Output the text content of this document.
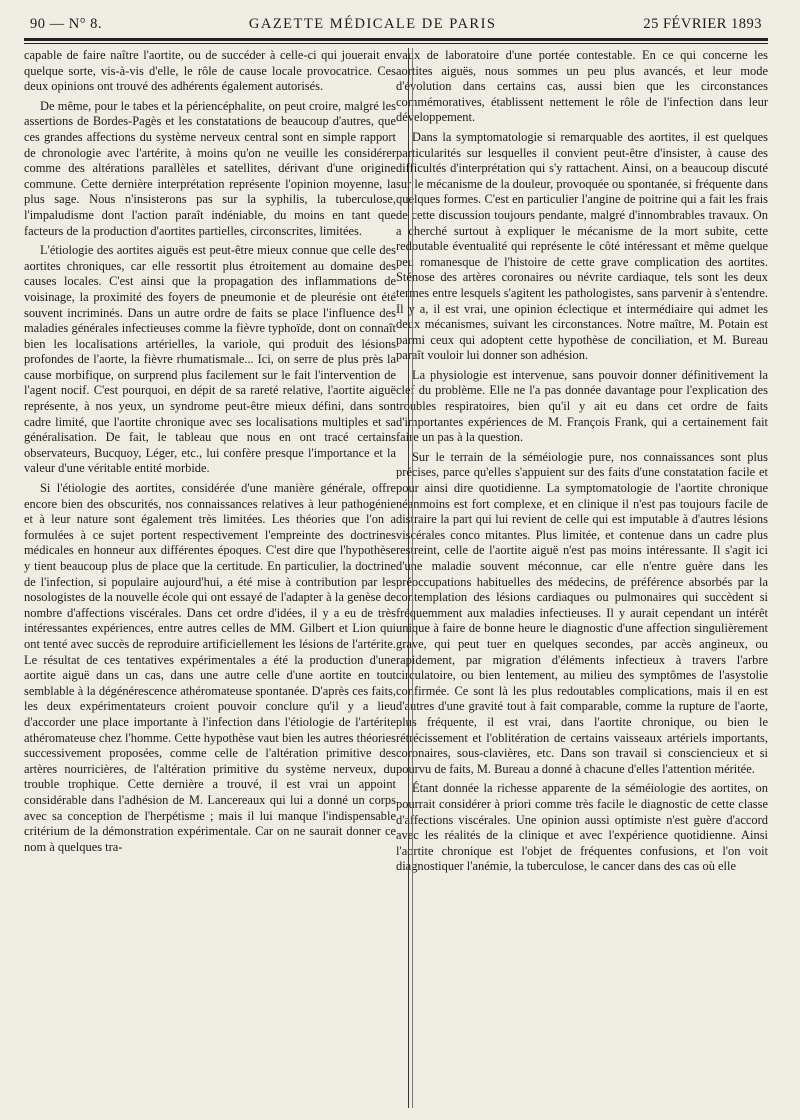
90 — N° 8.	GAZETTE MÉDICALE DE PARIS	25 FÉVRIER 1893

capable de faire naître l'aortite, ou de succéder à celle-ci qui jouerait en quelque sorte, vis-à-vis d'elle, le rôle de cause locale provocatrice. Ces deux opinions ont trouvé des adhérents également autorisés.

De même, pour le tabes et la périencéphalite, on peut croire, malgré les assertions de Bordes-Pagès et les constatations de beaucoup d'autres, que ces grandes affections du système nerveux central sont en simple rapport de chronologie avec l'artérite, à moins qu'on ne veuille les considérer comme des altérations parallèles et satellites, dérivant d'une origine commune. Cette dernière interprétation représente l'opinion moyenne, la plus sage. Nous n'insisterons pas sur la syphilis, la tuberculose, l'impaludisme dont l'action paraît indéniable, du moins en tant que facteurs de la production d'aortites partielles, circonscrites, limitées.

L'étiologie des aortites aiguës est peut-être mieux connue que celle des aortites chroniques, car elle ressortit plus étroitement au domaine des causes locales. C'est ainsi que la propagation des inflammations de voisinage, la proximité des foyers de pneumonie et de pleurésie ont été souvent incriminés. Dans un autre ordre de faits se place l'influence des maladies générales infectieuses comme la fièvre typhoïde, dont on connaît bien les localisations artérielles, la variole, qui produit des lésions profondes de l'aorte, la fièvre rhumatismale... Ici, on serre de plus près la cause morbifique, on surprend plus facilement sur le fait l'intervention de l'agent nocif. C'est pourquoi, en dépit de sa rareté relative, l'aortite aiguë représente, à nos yeux, un syndrome peut-être mieux défini, dans son cadre limité, que l'aortite chronique avec ses localisations multiples et sa généralisation. De fait, le tableau que nous en ont tracé certains observateurs, Bucquoy, Léger, etc., lui confère presque l'importance et la valeur d'une véritable entité morbide.

Si l'étiologie des aortites, considérée d'une manière générale, offre encore bien des obscurités, nos connaissances relatives à leur pathogénie et à leur nature sont également très limitées. Les théories que l'on a formulées à ce sujet portent respectivement l'empreinte des doctrines médicales en honneur aux différentes époques. C'est dire que l'hypothèse y tient beaucoup plus de place que la certitude. En particulier, la doctrine de l'infection, si populaire aujourd'hui, a été mise à contribution par les nosologistes de la nouvelle école qui ont essayé de l'adapter à la genèse de nombre d'affections viscérales. Dans cet ordre d'idées, il y a eu de très intéressantes expériences, entre autres celles de MM. Gilbert et Lion qui ont tenté avec succès de reproduire artificiellement les lésions de l'artérite. Le résultat de ces tentatives expérimentales a été la production d'une aortite aiguë dans un cas, dans une autre celle d'une aortite en tout semblable à la dégénérescence athéromateuse spontanée. D'après ces faits, les deux expérimentateurs croient pouvoir conclure qu'il y a lieu d'accorder une place importante à l'infection dans l'étiologie de l'artérite athéromateuse chez l'homme. Cette hypothèse vaut bien les autres théories successivement proposées, comme celle de l'altération primitive des artères nourricières, de l'altération primitive du système nerveux, du trouble trophique. Cette dernière a trouvé, il est vrai un appoint considérable dans l'adhésion de M. Lancereaux qui lui a donné un corps avec sa conception de l'herpétisme ; mais il lui manque l'indispensable critérium de la démonstration expérimentale. Car on ne saurait donner ce nom à quelques tra-

vaux de laboratoire d'une portée contestable. En ce qui concerne les aortites aiguës, nous sommes un peu plus avancés, et leur mode d'évolution dans certains cas, aussi bien que les circonstances commémoratives, établissent nettement le rôle de l'infection dans leur développement.

Dans la symptomatologie si remarquable des aortites, il est quelques particularités sur lesquelles il convient peut-être d'insister, à cause des difficultés d'interprétation qui s'y rattachent. Ainsi, on a beaucoup discuté sur le mécanisme de la douleur, provoquée ou spontanée, si fréquente dans quelques formes. C'est en particulier l'angine de poitrine qui a fait les frais de cette discussion toujours pendante, malgré d'innombrables travaux. On a cherché surtout à expliquer le mécanisme de la mort subite, cette redoutable éventualité qui représente le côté intéressant et même quelque peu romanesque de l'histoire de cette grave complication des aortites. Sténose des artères coronaires ou névrite cardiaque, tels sont les deux termes entre lesquels s'agitent les pathologistes, sans parvenir à s'entendre. Il y a, il est vrai, une opinion éclectique et intermédiaire qui admet les deux mécanismes, suivant les circonstances. Notre maître, M. Potain est parmi ceux qui adoptent cette hypothèse de conciliation, et M. Bureau paraît vouloir lui donner son adhésion.

La physiologie est intervenue, sans pouvoir donner définitivement la clef du problème. Elle ne l'a pas donnée davantage pour l'explication des troubles respiratoires, bien qu'il y ait eu dans cet ordre de faits d'importantes expériences de M. François Frank, qui a certainement fait faire un pas à la question.

Sur le terrain de la séméiologie pure, nos connaissances sont plus précises, parce qu'elles s'appuient sur des faits d'une constatation facile et pour ainsi dire quotidienne. La symptomatologie de l'aortite chronique néanmoins est fort complexe, et en clinique il n'est pas toujours facile de distraire la part qui lui revient de celle qui est imputable à d'autres lésions viscérales conco mitantes. Plus limitée, et contenue dans un cadre plus restreint, celle de l'aortite aiguë n'est pas moins intéressante. Il s'agit ici d'une maladie souvent méconnue, car elle n'entre guère dans les préoccupations habituelles des médecins, de préférence absorbés par la contemplation des lésions cardiaques ou pulmonaires qui succèdent si fréquemment aux maladies infectieuses. Il y aurait cependant un intérêt unique à faire de bonne heure le diagnostic d'une affection singulièrement grave, qui peut tuer en quelques secondes, par accès angineux, ou rapidement, par migration d'éléments infectieux à travers l'arbre circulatoire, ou bien lentement, au milieu des symptômes de l'asystolie confirmée. Ce sont là les plus redoutables complications, mais il en est d'autres d'une gravité tout à fait comparable, comme la rupture de l'aorte, plus fréquente, il est vrai, dans l'aortite chronique, ou bien le rétrécissement et l'oblitération de certains vaisseaux artériels importants, coronaires, sous-clavières, etc. Dans son travail si consciencieux et si pourvu de faits, M. Bureau a donné à chacune d'elles l'attention méritée.

Étant donnée la richesse apparente de la séméiologie des aortites, on pourrait considérer à priori comme très facile le diagnostic de cette classe d'affections viscérales. Une opinion aussi optimiste n'est guère d'accord avec les réalités de la clinique et avec l'expérience quotidienne. Ainsi l'aortite chronique est l'objet de fréquentes confusions, et l'on voit diagnostiquer l'anémie, la tuberculose, le cancer dans des cas où elle
